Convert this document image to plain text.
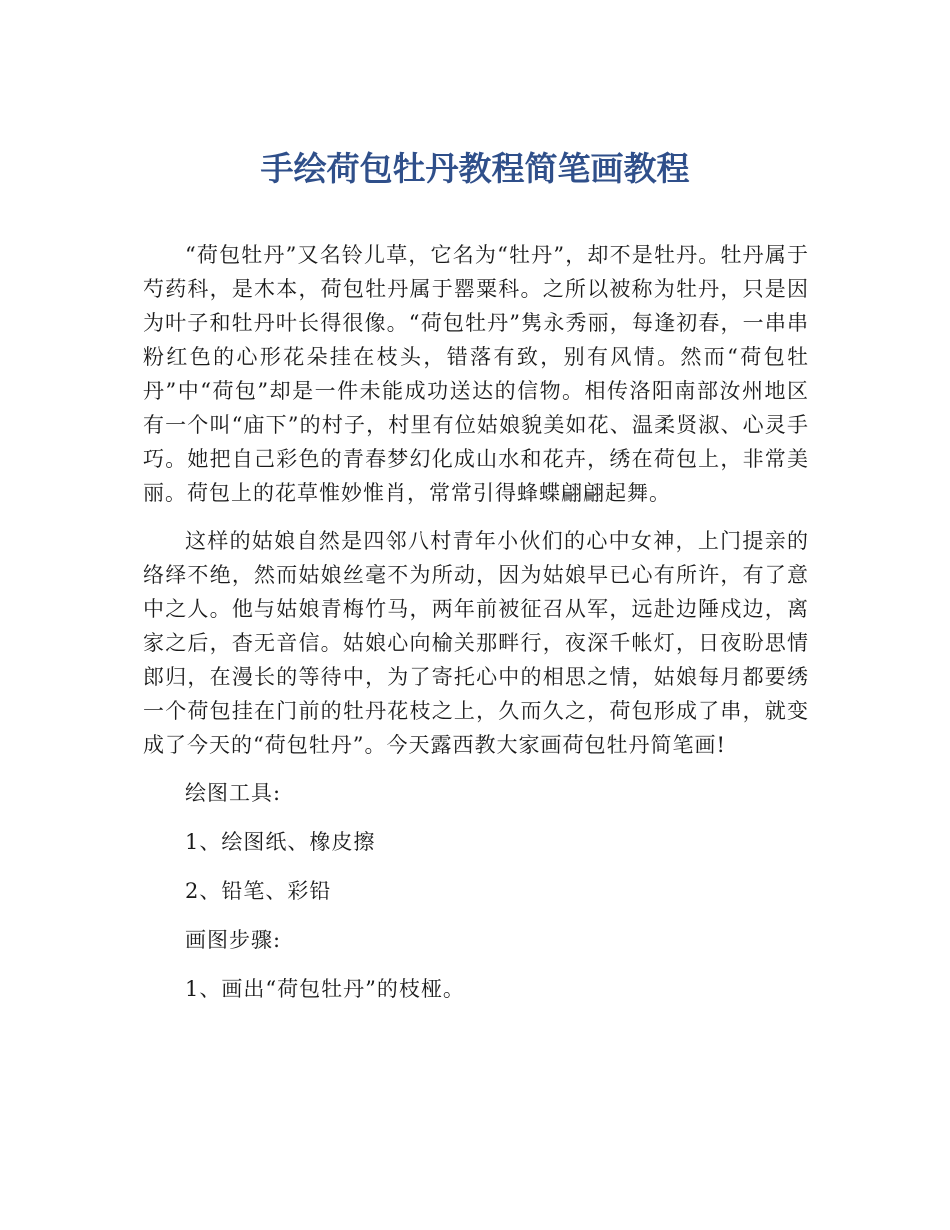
手绘荷包牡丹教程简笔画教程

“荷包牡丹”又名铃儿草，它名为“牡丹”，却不是牡丹。牡丹属于芍药科，是木本，荷包牡丹属于罂粟科。之所以被称为牡丹，只是因为叶子和牡丹叶长得很像。“荷包牡丹”隽永秀丽，每逢初春，一串串粉红色的心形花朵挂在枝头，错落有致，别有风情。然而“荷包牡丹”中“荷包”却是一件未能成功送达的信物。相传洛阳南部汝州地区有一个叫“庙下”的村子，村里有位姑娘貌美如花、温柔贤淑、心灵手巧。她把自己彩色的青春梦幻化成山水和花卉，绣在荷包上，非常美丽。荷包上的花草惟妙惟肖，常常引得蜂蝶翩翩起舞。

这样的姑娘自然是四邻八村青年小伙们的心中女神，上门提亲的络绎不绝，然而姑娘丝毫不为所动，因为姑娘早已心有所许，有了意中之人。他与姑娘青梅竹马，两年前被征召从军，远赴边陲戍边，离家之后，杳无音信。姑娘心向榆关那畔行，夜深千帐灯，日夜盼思情郎归，在漫长的等待中，为了寄托心中的相思之情，姑娘每月都要绣一个荷包挂在门前的牡丹花枝之上，久而久之，荷包形成了串，就变成了今天的“荷包牡丹”。今天露西教大家画荷包牡丹简笔画!

绘图工具:

1、绘图纸、橡皮擦

2、铅笔、彩铅

画图步骤:

1、画出“荷包牡丹”的枝桠。
